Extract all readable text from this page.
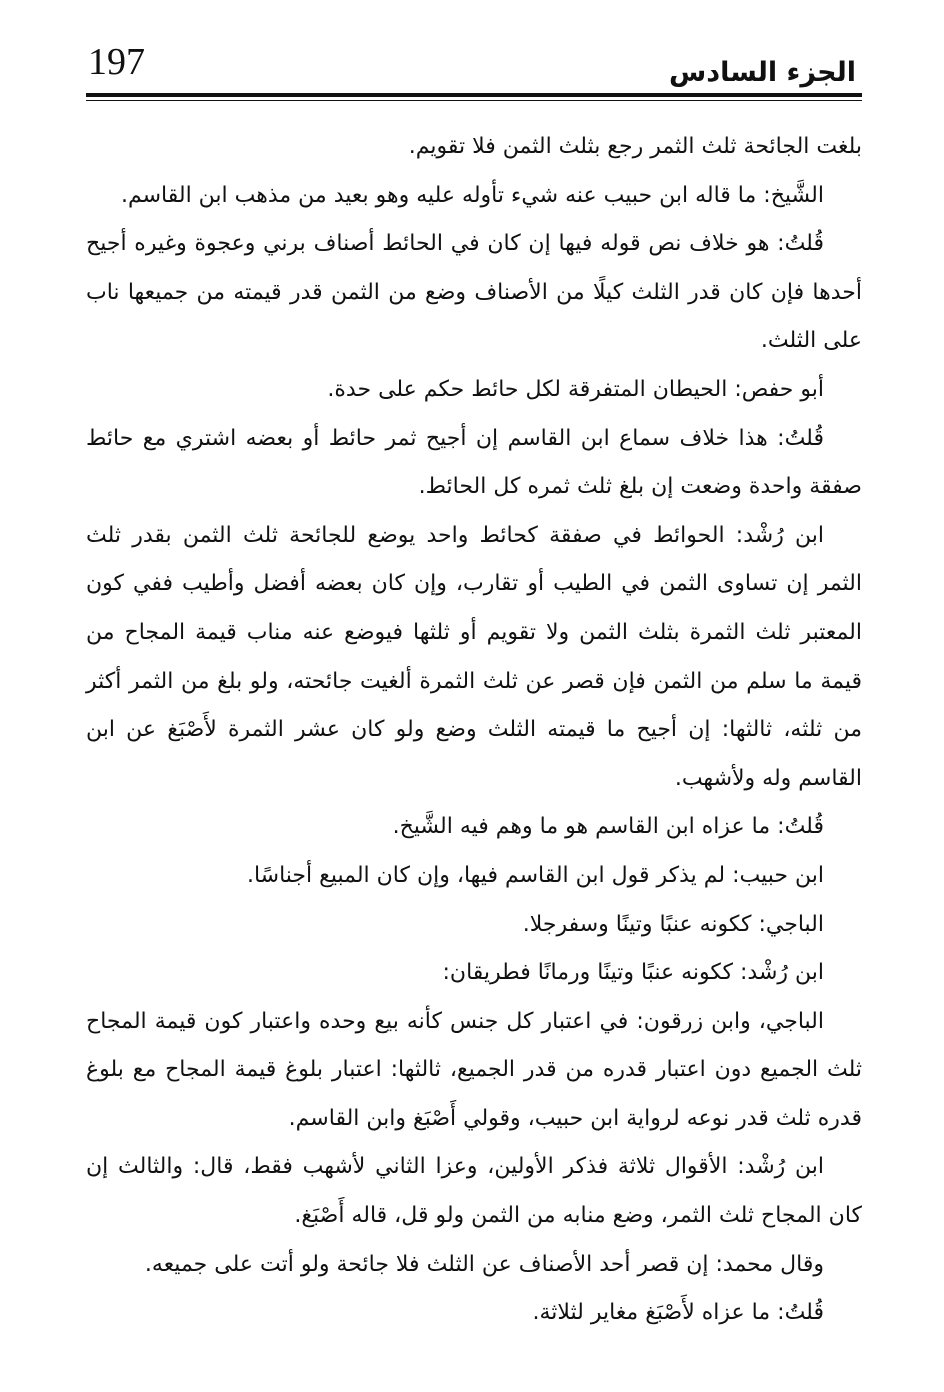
197	الجزء السادس

بلغت الجائحة ثلث الثمر رجع بثلث الثمن فلا تقويم.

الشَّيخ: ما قاله ابن حبيب عنه شيء تأوله عليه وهو بعيد من مذهب ابن القاسم.

قُلتُ: هو خلاف نص قوله فيها إن كان في الحائط أصناف برني وعجوة وغيره أجيح أحدها فإن كان قدر الثلث كيلًا من الأصناف وضع من الثمن قدر قيمته من جميعها ناب على الثلث.

أبو حفص: الحيطان المتفرقة لكل حائط حكم على حدة.

قُلتُ: هذا خلاف سماع ابن القاسم إن أجيح ثمر حائط أو بعضه اشتري مع حائط صفقة واحدة وضعت إن بلغ ثلث ثمره كل الحائط.

ابن رُشْد: الحوائط في صفقة كحائط واحد يوضع للجائحة ثلث الثمن بقدر ثلث الثمر إن تساوى الثمن في الطيب أو تقارب، وإن كان بعضه أفضل وأطيب ففي كون المعتبر ثلث الثمرة بثلث الثمن ولا تقويم أو ثلثها فيوضع عنه مناب قيمة المجاح من قيمة ما سلم من الثمن فإن قصر عن ثلث الثمرة ألغيت جائحته، ولو بلغ من الثمر أكثر من ثلثه، ثالثها: إن أجيح ما قيمته الثلث وضع ولو كان عشر الثمرة لأَصْبَغ عن ابن القاسم وله ولأشهب.

قُلتُ: ما عزاه ابن القاسم هو ما وهم فيه الشَّيخ.

ابن حبيب: لم يذكر قول ابن القاسم فيها، وإن كان المبيع أجناسًا.

الباجي: ككونه عنبًا وتينًا وسفرجلا.

ابن رُشْد: ككونه عنبًا وتينًا ورمانًا فطريقان:

الباجي، وابن زرقون: في اعتبار كل جنس كأنه بيع وحده واعتبار كون قيمة المجاح ثلث الجميع دون اعتبار قدره من قدر الجميع، ثالثها: اعتبار بلوغ قيمة المجاح مع بلوغ قدره ثلث قدر نوعه لرواية ابن حبيب، وقولي أَصْبَغ وابن القاسم.

ابن رُشْد: الأقوال ثلاثة فذكر الأولين، وعزا الثاني لأشهب فقط، قال: والثالث إن كان المجاح ثلث الثمر، وضع منابه من الثمن ولو قل، قاله أَصْبَغ.

وقال محمد: إن قصر أحد الأصناف عن الثلث فلا جائحة ولو أتت على جميعه.

قُلتُ: ما عزاه لأَصْبَغ مغاير لثلاثة.
